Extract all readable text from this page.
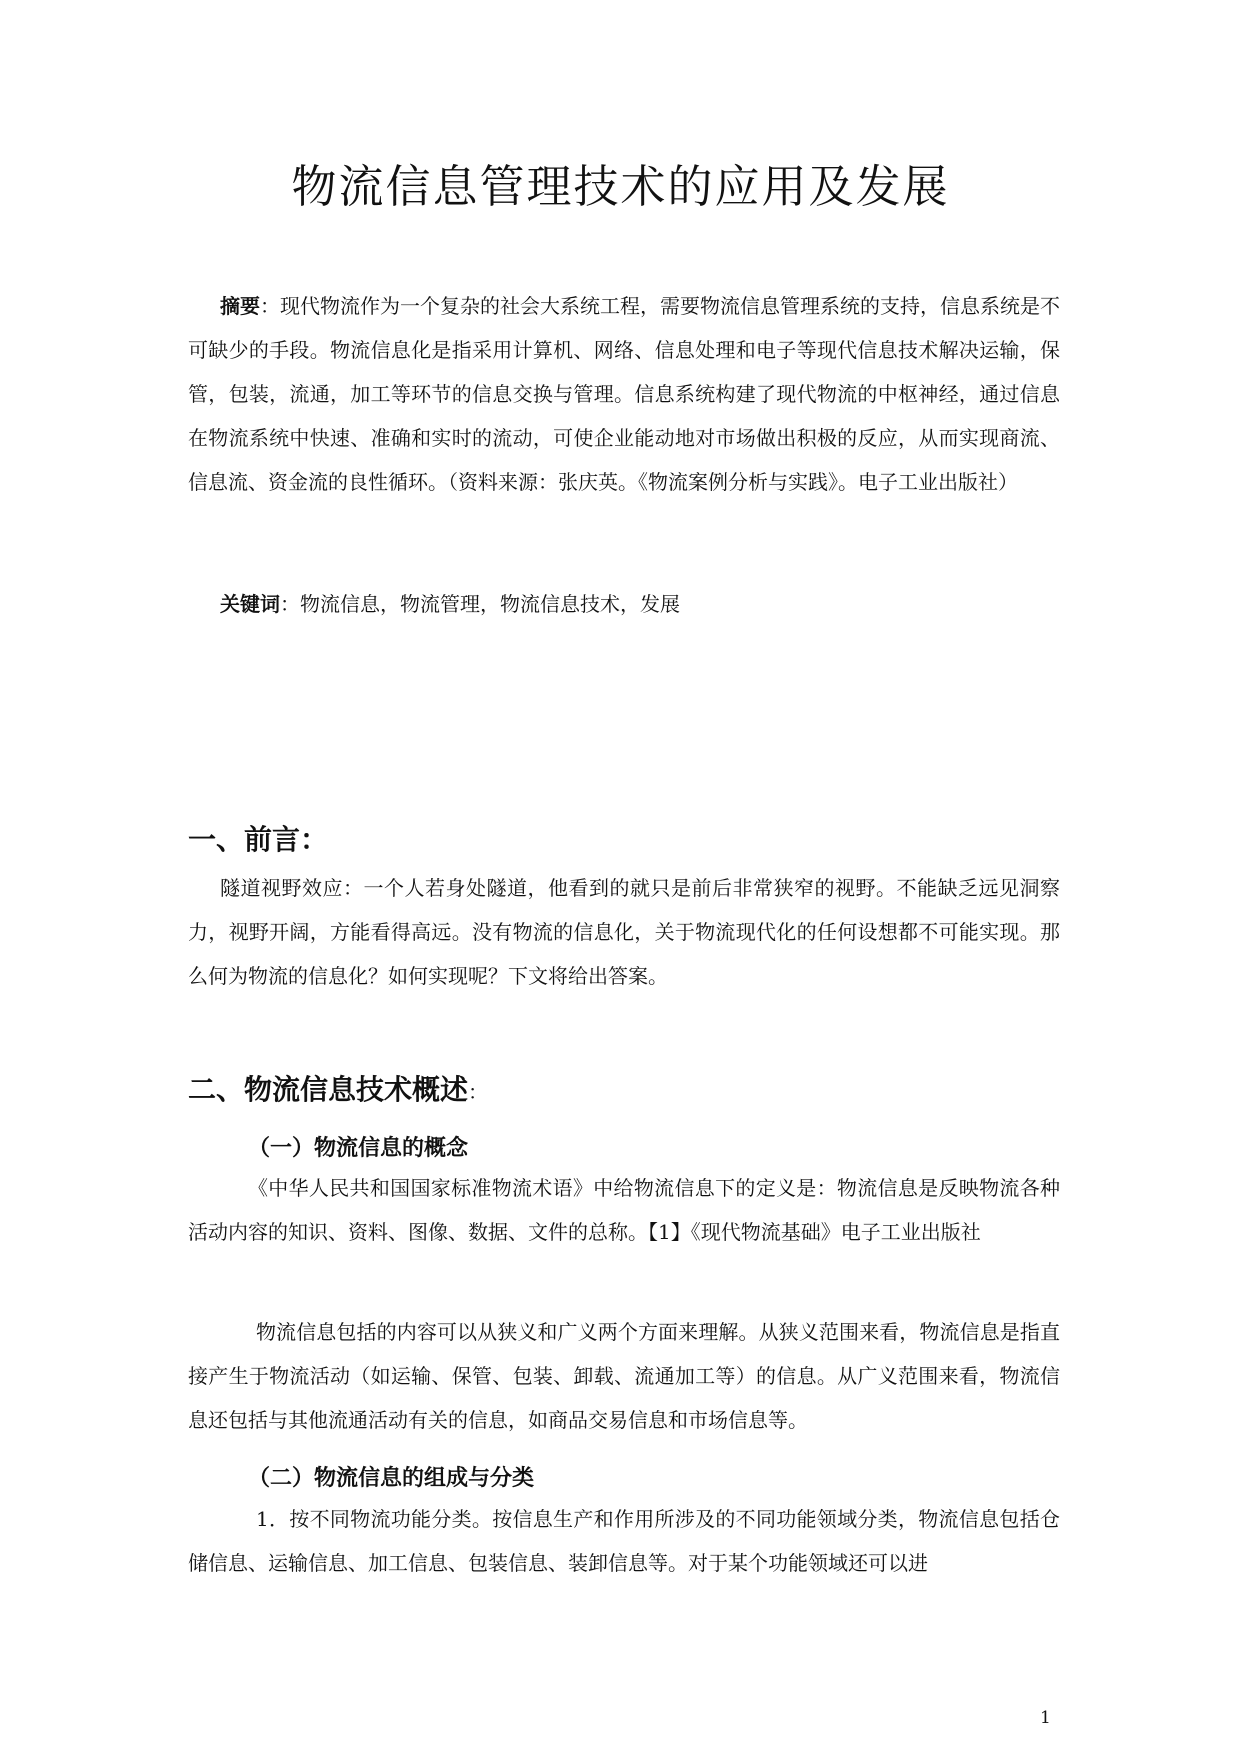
物流信息管理技术的应用及发展

摘要：现代物流作为一个复杂的社会大系统工程，需要物流信息管理系统的支持，信息系统是不可缺少的手段。物流信息化是指采用计算机、网络、信息处理和电子等现代信息技术解决运输，保管，包装，流通，加工等环节的信息交换与管理。信息系统构建了现代物流的中枢神经，通过信息在物流系统中快速、准确和实时的流动，可使企业能动地对市场做出积极的反应，从而实现商流、信息流、资金流的良性循环。（资料来源：张庆英。《物流案例分析与实践》。电子工业出版社）

关键词：物流信息，物流管理，物流信息技术，发展

一、前言：

隧道视野效应：一个人若身处隧道，他看到的就只是前后非常狭窄的视野。不能缺乏远见洞察力，视野开阔，方能看得高远。没有物流的信息化，关于物流现代化的任何设想都不可能实现。那么何为物流的信息化？如何实现呢？下文将给出答案。

二、物流信息技术概述：
（一）物流信息的概念

《中华人民共和国国家标准物流术语》中给物流信息下的定义是：物流信息是反映物流各种活动内容的知识、资料、图像、数据、文件的总称。【1】《现代物流基础》电子工业出版社

物流信息包括的内容可以从狭义和广义两个方面来理解。从狭义范围来看，物流信息是指直接产生于物流活动（如运输、保管、包装、卸载、流通加工等）的信息。从广义范围来看，物流信息还包括与其他流通活动有关的信息，如商品交易信息和市场信息等。

（二）物流信息的组成与分类

1．按不同物流功能分类。按信息生产和作用所涉及的不同功能领域分类，物流信息包括仓储信息、运输信息、加工信息、包装信息、装卸信息等。对于某个功能领域还可以进

1
